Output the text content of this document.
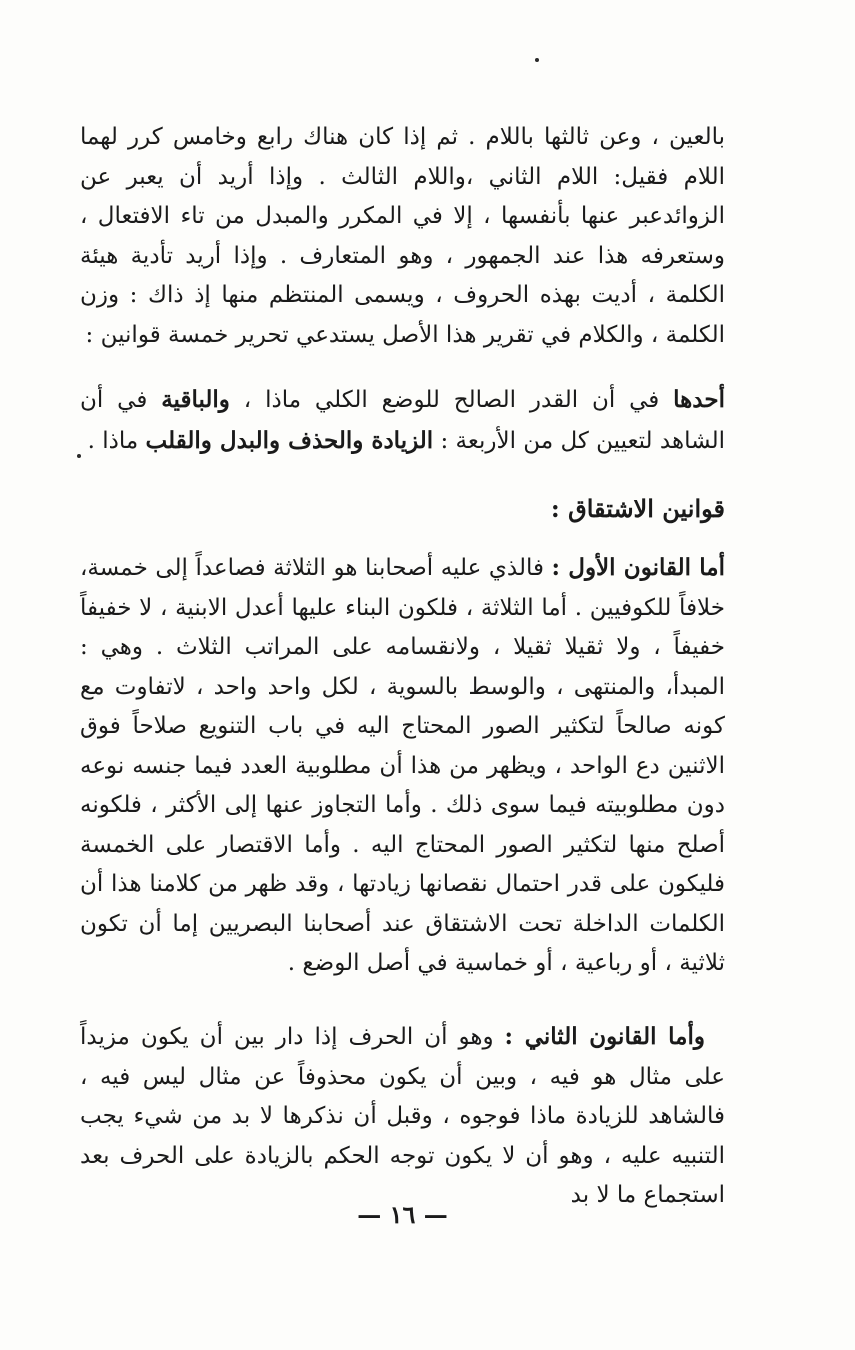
بالعين ، وعن ثالثها باللام . ثم إذا كان هناك رابع وخامس كرر لهما اللام فقيل: اللام الثاني ،واللام الثالث . وإذا أريد أن يعبر عن الزوائدعبر عنها بأنفسها ، إلا في المكرر والمبدل من تاء الافتعال ، وستعرفه هذا عند الجمهور ، وهو المتعارف . وإذا أريد تأدية هيئة الكلمة ، أديت بهذه الحروف ، ويسمى المنتظم منها إذ ذاك : وزن الكلمة ، والكلام في تقرير هذا الأصل يستدعي تحرير خمسة قوانين :

أحدها في أن القدر الصالح للوضع الكلي ماذا ، والباقية في أن الشاهد لتعيين كل من الأربعة : الزيادة والحذف والبدل والقلب ماذا .

قوانين الاشتقاق :

أما القانون الأول : فالذي عليه أصحابنا هو الثلاثة فصاعداً إلى خمسة، خلافاً للكوفيين . أما الثلاثة ، فلكون البناء عليها أعدل الابنية ، لا خفيفاً خفيفاً ، ولا ثقيلا ثقيلا ، ولانقسامه على المراتب الثلاث . وهي : المبدأ، والمنتهى ، والوسط بالسوية ، لكل واحد واحد ، لاتفاوت مع كونه صالحاً لتكثير الصور المحتاج اليه في باب التنويع صلاحاً فوق الاثنين دع الواحد ، ويظهر من هذا أن مطلوبية العدد فيما جنسه نوعه دون مطلوبيته فيما سوى ذلك . وأما التجاوز عنها إلى الأكثر ، فلكونه أصلح منها لتكثير الصور المحتاج اليه . وأما الاقتصار على الخمسة فليكون على قدر احتمال نقصانها زيادتها ، وقد ظهر من كلامنا هذا أن الكلمات الداخلة تحت الاشتقاق عند أصحابنا البصريين إما أن تكون ثلاثية ، أو رباعية ، أو خماسية في أصل الوضع .

وأما القانون الثاني : وهو أن الحرف إذا دار بين أن يكون مزيداً على مثال هو فيه ، وبين أن يكون محذوفاً عن مثال ليس فيه ، فالشاهد للزيادة ماذا فوجوه ، وقبل أن نذكرها لا بد من شيء يجب التنبيه عليه ، وهو أن لا يكون توجه الحكم بالزيادة على الحرف بعد استجماع ما لا بد

— ١٦ —
